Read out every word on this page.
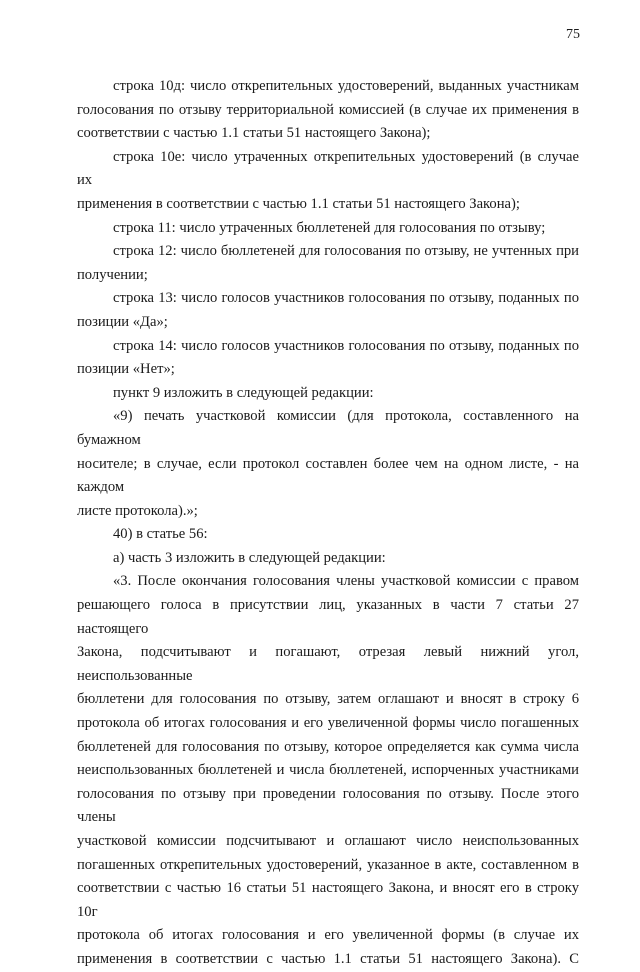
75
строка 10д: число открепительных удостоверений, выданных участникам
голосования по отзыву территориальной комиссией (в случае их применения в
соответствии с частью 1.1 статьи 51 настоящего Закона);
строка 10е: число утраченных открепительных удостоверений (в случае их
применения в соответствии с частью 1.1 статьи 51 настоящего Закона);
строка 11: число утраченных бюллетеней для голосования по отзыву;
строка 12: число бюллетеней для голосования по отзыву, не учтенных при
получении;
строка 13: число голосов участников голосования по отзыву, поданных по
позиции «Да»;
строка 14: число голосов участников голосования по отзыву, поданных по
позиции «Нет»;
пункт 9 изложить в следующей редакции:
«9) печать участковой комиссии (для протокола, составленного на бумажном
носителе; в случае, если протокол составлен более чем на одном листе, - на каждом
листе протокола).»;
40) в статье 56:
а) часть 3 изложить в следующей редакции:
«3. После окончания голосования члены участковой комиссии с правом
решающего голоса в присутствии лиц, указанных в части 7 статьи 27 настоящего
Закона, подсчитывают и погашают, отрезая левый нижний угол, неиспользованные
бюллетени для голосования по отзыву, затем оглашают и вносят в строку 6
протокола об итогах голосования и его увеличенной формы число погашенных
бюллетеней для голосования по отзыву, которое определяется как сумма числа
неиспользованных бюллетеней и числа бюллетеней, испорченных участниками
голосования по отзыву при проведении голосования по отзыву. После этого члены
участковой комиссии подсчитывают и оглашают число неиспользованных
погашенных открепительных удостоверений, указанное в акте, составленном в
соответствии с частью 16 статьи 51 настоящего Закона, и вносят его в строку 10г
протокола об итогах голосования и его увеличенной формы (в случае их
применения в соответствии с частью 1.1 статьи 51 настоящего Закона). С
